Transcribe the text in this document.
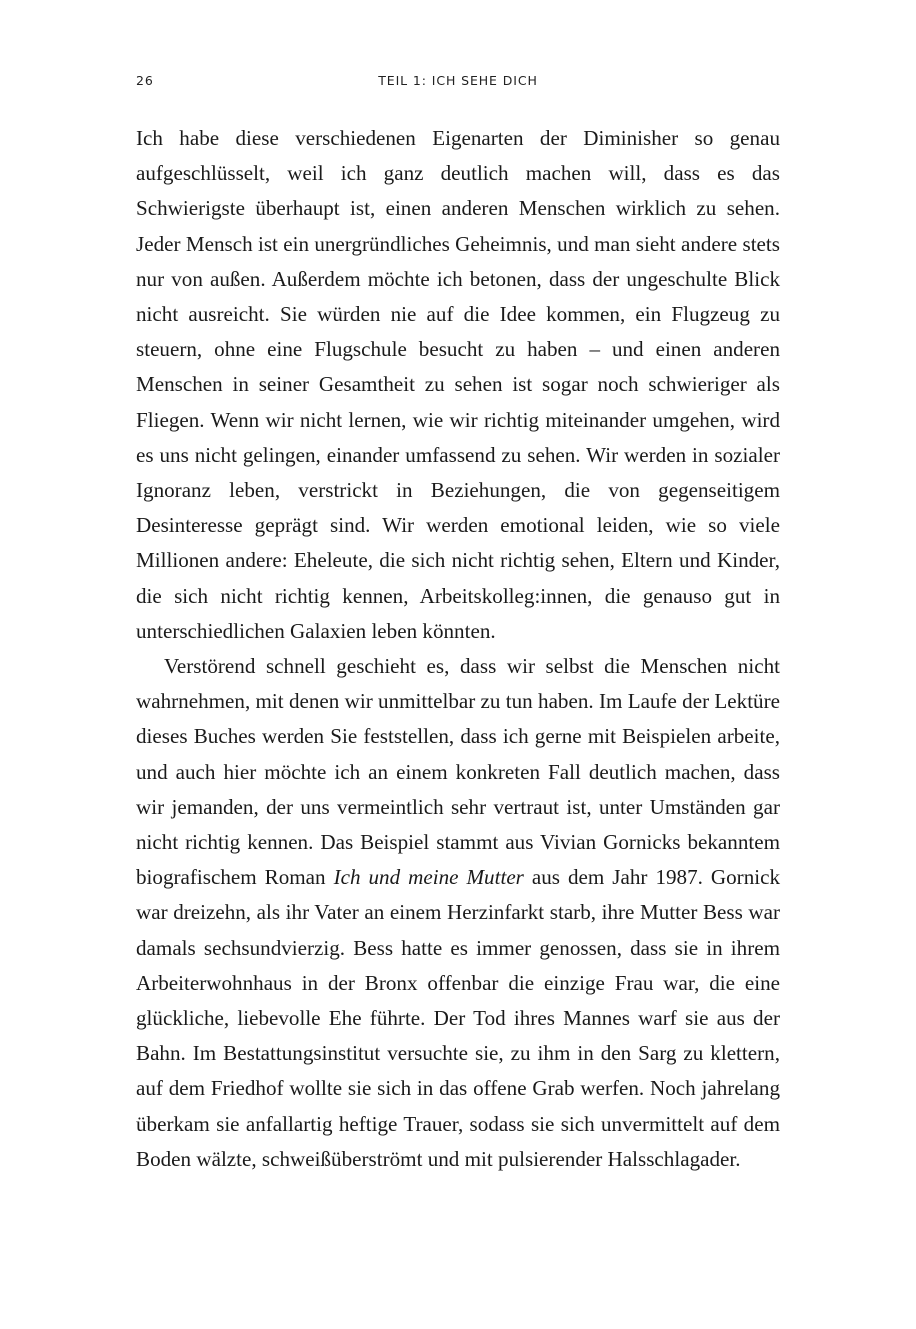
26	TEIL 1: ICH SEHE DICH

Ich habe diese verschiedenen Eigenarten der Diminisher so genau aufgeschlüsselt, weil ich ganz deutlich machen will, dass es das Schwierigste überhaupt ist, einen anderen Menschen wirklich zu sehen. Jeder Mensch ist ein unergründliches Geheimnis, und man sieht andere stets nur von außen. Außerdem möchte ich betonen, dass der ungeschulte Blick nicht ausreicht. Sie würden nie auf die Idee kommen, ein Flugzeug zu steuern, ohne eine Flugschule besucht zu haben – und einen anderen Menschen in seiner Gesamtheit zu sehen ist sogar noch schwieriger als Fliegen. Wenn wir nicht lernen, wie wir richtig miteinander umgehen, wird es uns nicht gelingen, einander umfassend zu sehen. Wir werden in sozialer Ignoranz leben, verstrickt in Beziehungen, die von gegenseitigem Desinteresse geprägt sind. Wir werden emotional leiden, wie so viele Millionen andere: Eheleute, die sich nicht richtig sehen, Eltern und Kinder, die sich nicht richtig kennen, Arbeitskolleg:innen, die genauso gut in unterschiedlichen Galaxien leben könnten.

Verstörend schnell geschieht es, dass wir selbst die Menschen nicht wahrnehmen, mit denen wir unmittelbar zu tun haben. Im Laufe der Lektüre dieses Buches werden Sie feststellen, dass ich gerne mit Beispielen arbeite, und auch hier möchte ich an einem konkreten Fall deutlich machen, dass wir jemanden, der uns vermeintlich sehr vertraut ist, unter Umständen gar nicht richtig kennen. Das Beispiel stammt aus Vivian Gornicks bekanntem biografischem Roman Ich und meine Mutter aus dem Jahr 1987. Gornick war dreizehn, als ihr Vater an einem Herzinfarkt starb, ihre Mutter Bess war damals sechsundvierzig. Bess hatte es immer genossen, dass sie in ihrem Arbeiterwohnhaus in der Bronx offenbar die einzige Frau war, die eine glückliche, liebevolle Ehe führte. Der Tod ihres Mannes warf sie aus der Bahn. Im Bestattungsinstitut versuchte sie, zu ihm in den Sarg zu klettern, auf dem Friedhof wollte sie sich in das offene Grab werfen. Noch jahrelang überkam sie anfallartig heftige Trauer, sodass sie sich unvermittelt auf dem Boden wälzte, schweißüberströmt und mit pulsierender Halsschlagader.
